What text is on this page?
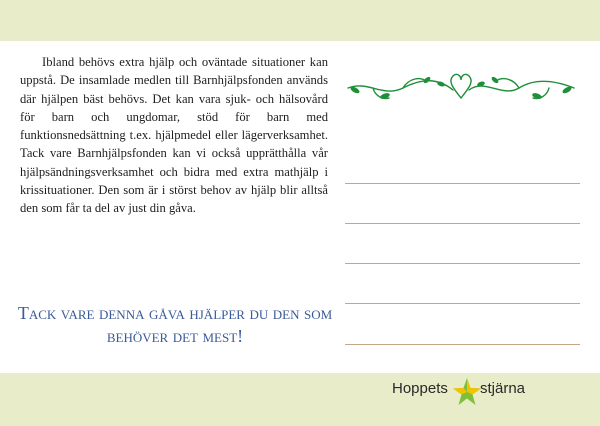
Ibland behövs extra hjälp och oväntade situationer kan uppstå. De insamlade medlen till Barnhjälpsfonden används där hjälpen bäst behövs. Det kan vara sjuk- och hälsovård för barn och ungdomar, stöd för barn med funktionsnedsättning t.ex. hjälpmedel eller lägerverksamhet. Tack vare Barnhjälpsfonden kan vi också upprätthålla vår hjälpsändningsverksamhet och bidra med extra mathjälp i krissituationer. Den som är i störst behov av hjälp blir alltså den som får ta del av just din gåva.

Tack vare denna gåva hjälper du den som behöver det mest!

Hoppets stjärna
